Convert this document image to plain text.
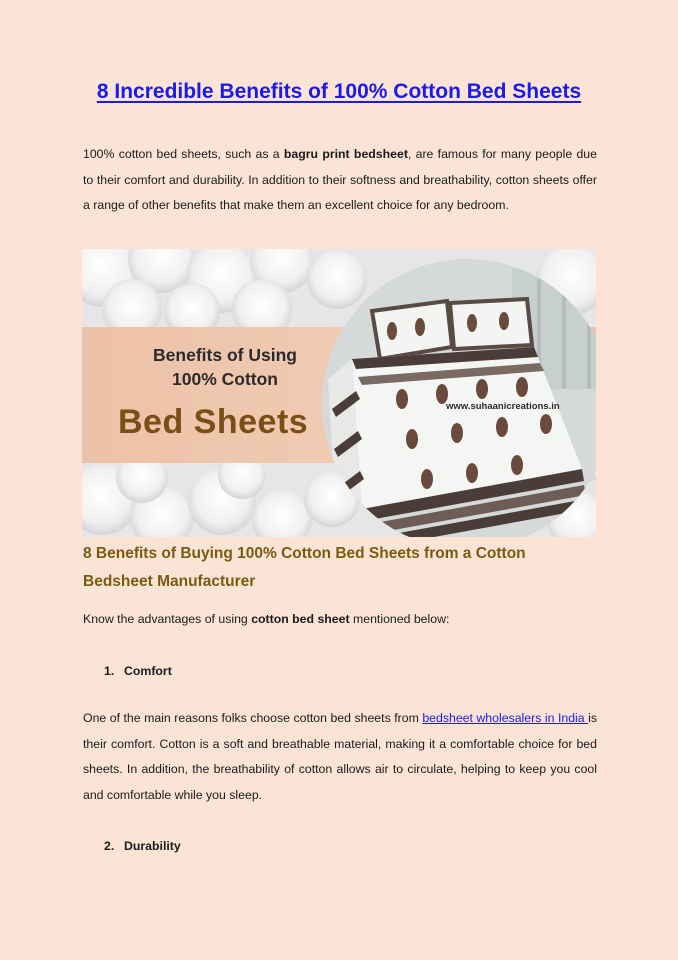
8 Incredible Benefits of 100% Cotton Bed Sheets

100% cotton bed sheets, such as a bagru print bedsheet, are famous for many people due to their comfort and durability. In addition to their softness and breathability, cotton sheets offer a range of other benefits that make them an excellent choice for any bedroom.

Benefits of Using
100% Cotton
Bed Sheets	www.suhaanicreations.in
8 Benefits of Buying 100% Cotton Bed Sheets from a Cotton Bedsheet Manufacturer

Know the advantages of using cotton bed sheet mentioned below:

1. Comfort

One of the main reasons folks choose cotton bed sheets from bedsheet wholesalers in India is their comfort. Cotton is a soft and breathable material, making it a comfortable choice for bed sheets. In addition, the breathability of cotton allows air to circulate, helping to keep you cool and comfortable while you sleep.

2. Durability
